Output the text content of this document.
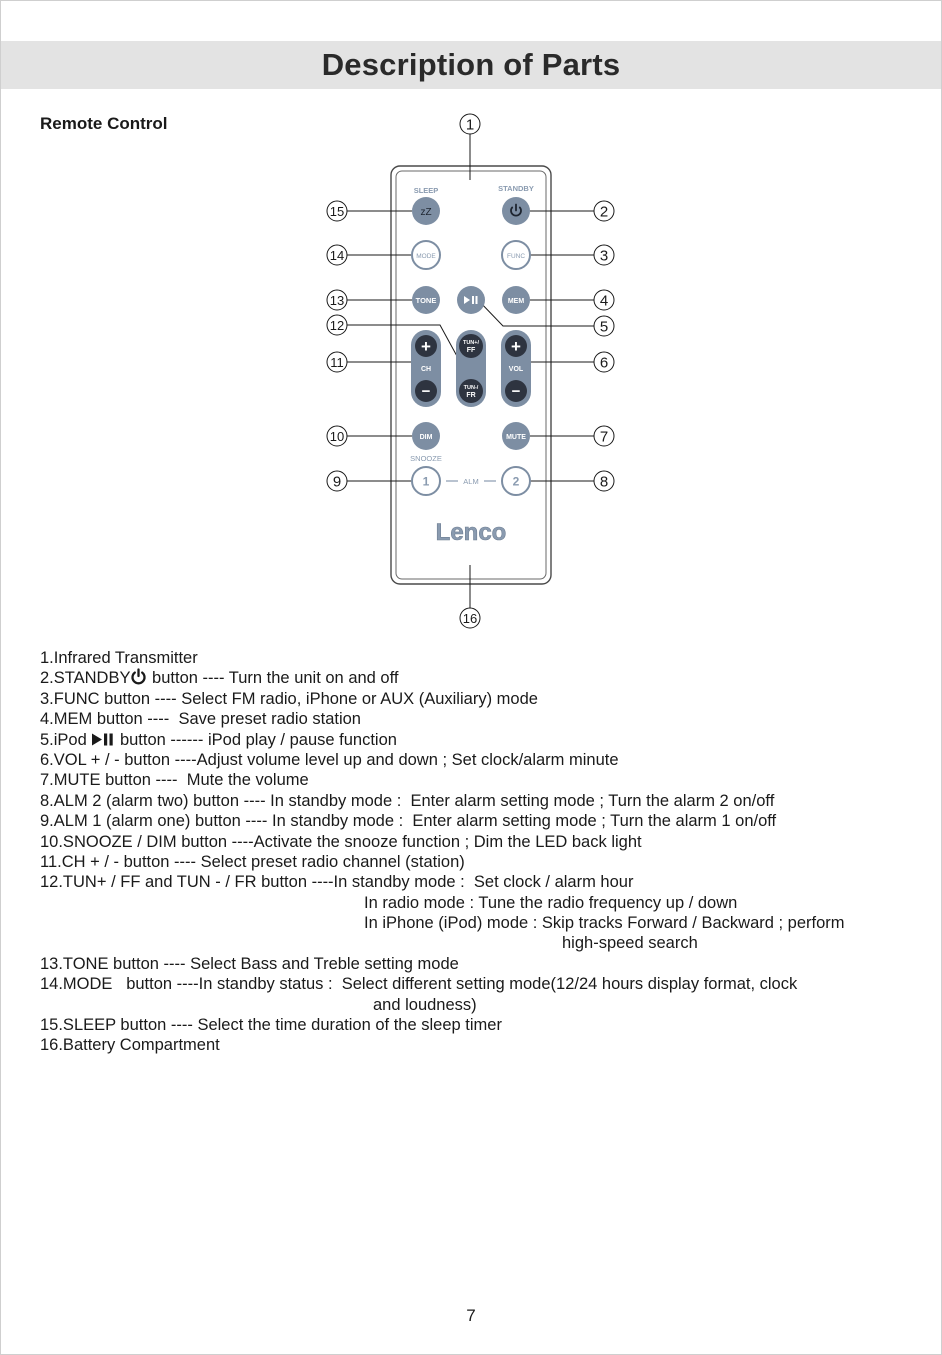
Description of Parts
Remote Control	1
2
3
4
5
6
7
8
9
10
11
12
13
14
15
16
SLEEP	STANDBY
zZ
MODE	FUNC
TONE	MEM
+
CH
−
TUN+/
FF
TUN-/
FR
+
VOL
−
DIM	MUTE
SNOOZE
1	2
ALM
Lenco
1.Infrared Transmitter
2.STANDBY button ---- Turn the unit on and off
3.FUNC button ---- Select FM radio, iPhone or AUX (Auxiliary) mode
4.MEM button ----  Save preset radio station
5.iPod  button ------ iPod play / pause function
6.VOL + / - button ----Adjust volume level up and down ; Set clock/alarm minute
7.MUTE button ----  Mute the volume
8.ALM 2 (alarm two) button ---- In standby mode :  Enter alarm setting mode ; Turn the alarm 2 on/off
9.ALM 1 (alarm one) button ---- In standby mode :  Enter alarm setting mode ; Turn the alarm 1 on/off
10.SNOOZE / DIM button ----Activate the snooze function ; Dim the LED back light
11.CH + / - button ---- Select preset radio channel (station)
12.TUN+ / FF and TUN - / FR button ----In standby mode :  Set clock / alarm hour
In radio mode : Tune the radio frequency up / down
In iPhone (iPod) mode : Skip tracks Forward / Backward ; perform
high-speed search
13.TONE button ---- Select Bass and Treble setting mode
14.MODE   button ----In standby status :  Select different setting mode(12/24 hours display format, clock
and loudness)
15.SLEEP button ---- Select the time duration of the sleep timer
16.Battery Compartment
7
